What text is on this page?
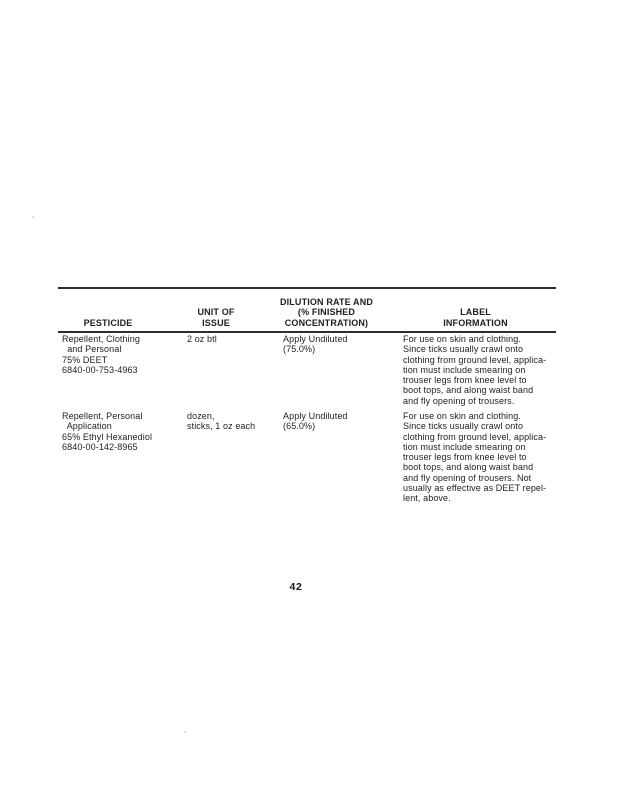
PESTICIDE
UNIT OF
ISSUE
DILUTION RATE AND
(% FINISHED
CONCENTRATION)
LABEL
INFORMATION
Repellent, Clothing
and Personal
75% DEET
6840-00-753-4963
2 oz btl	Apply Undiluted
(75.0%)
For use on skin and clothing.
Since ticks usually crawl onto
clothing from ground level, applica-
tion must include smearing on
trouser legs from knee level to
boot tops, and along waist band
and fly opening of trousers.
Repellent, Personal
Application
65% Ethyl Hexanediol
6840-00-142-8965
dozen,
sticks, 1 oz each
Apply Undiluted
(65.0%)
For use on skin and clothing.
Since ticks usually crawl onto
clothing from ground level, applica-
tion must include smearing on
trouser legs from knee level to
boot tops, and along waist band
and fly opening of trousers. Not
usually as effective as DEET repel-
lent, above.
42
